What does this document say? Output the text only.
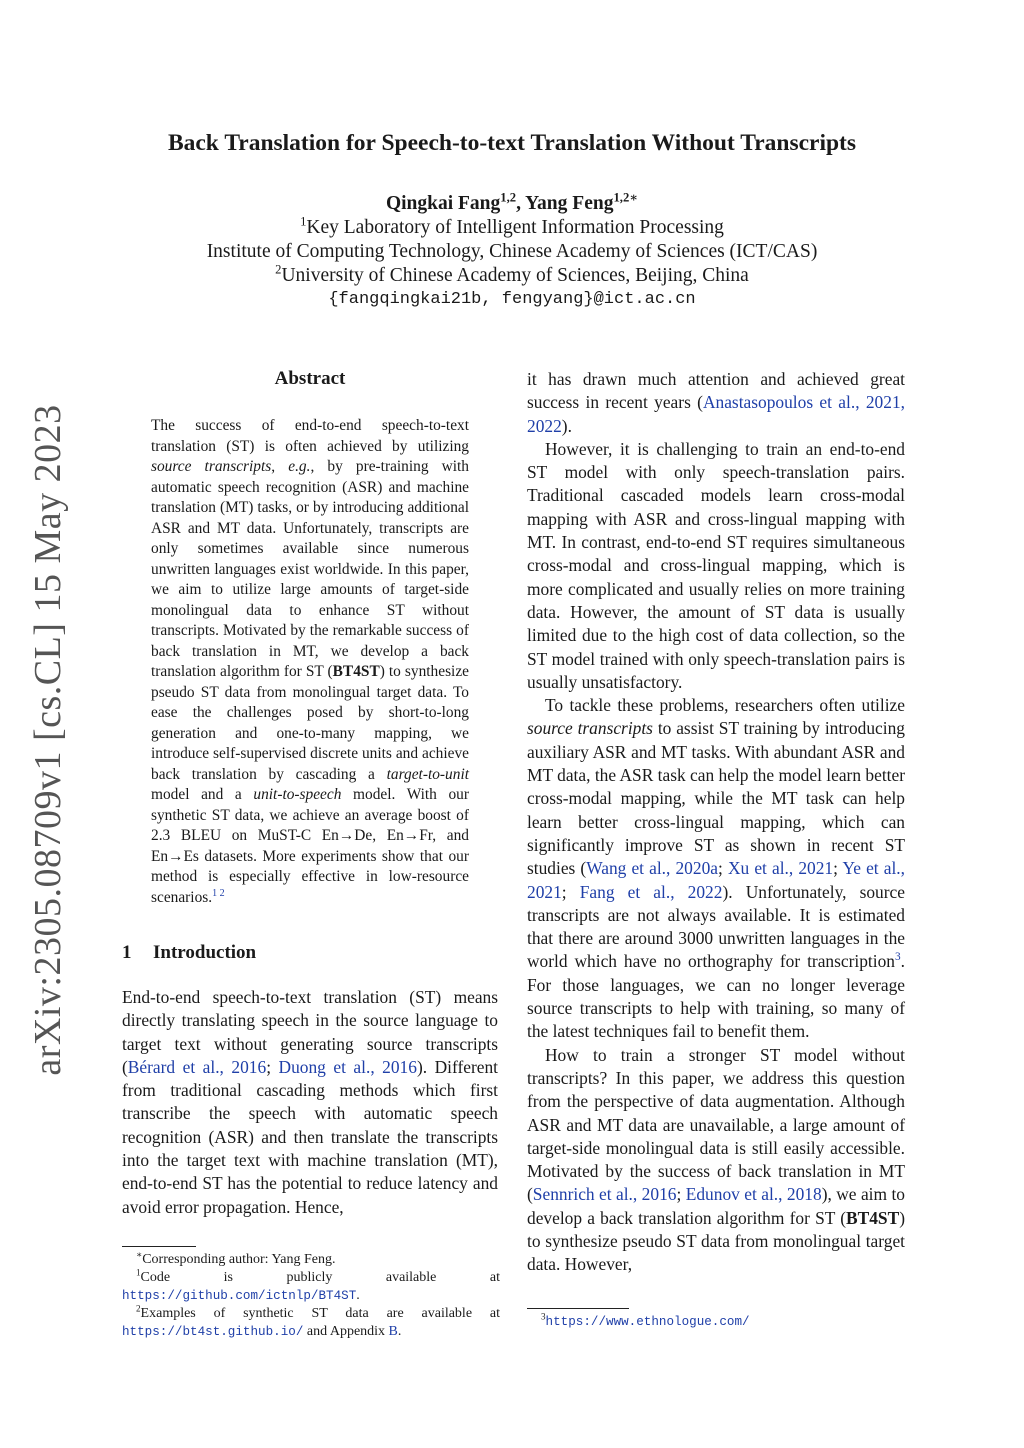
arXiv:2305.08709v1 [cs.CL] 15 May 2023
Back Translation for Speech-to-text Translation Without Transcripts
Qingkai Fang$^{1,2}$, Yang Feng$^{1,2∗}$
$^1$Key Laboratory of Intelligent Information Processing
Institute of Computing Technology, Chinese Academy of Sciences (ICT/CAS)
$^2$University of Chinese Academy of Sciences, Beijing, China
{fangqingkai21b, fengyang}@ict.ac.cn
Abstract

The success of end-to-end speech-to-text translation (ST) is often achieved by utilizing source transcripts, e.g., by pre-training with automatic speech recognition (ASR) and machine translation (MT) tasks, or by introducing additional ASR and MT data. Unfortunately, transcripts are only sometimes available since numerous unwritten languages exist worldwide. In this paper, we aim to utilize large amounts of target-side monolingual data to enhance ST without transcripts. Motivated by the remarkable success of back translation in MT, we develop a back translation algorithm for ST (BT4ST) to synthesize pseudo ST data from monolingual target data. To ease the challenges posed by short-to-long generation and one-to-many mapping, we introduce self-supervised discrete units and achieve back translation by cascading a target-to-unit model and a unit-to-speech model. With our synthetic ST data, we achieve an average boost of 2.3 BLEU on MuST-C En→De, En→Fr, and En→Es datasets. More experiments show that our method is especially effective in low-resource scenarios.$^{1 2}$

1 Introduction

End-to-end speech-to-text translation (ST) means directly translating speech in the source language to target text without generating source transcripts (Bérard et al., 2016; Duong et al., 2016). Different from traditional cascading methods which first transcribe the speech with automatic speech recognition (ASR) and then translate the transcripts into the target text with machine translation (MT), end-to-end ST has the potential to reduce latency and avoid error propagation. Hence,

∗Corresponding author: Yang Feng.

$^1$Code is publicly available at https://github.com/ictnlp/BT4ST.

$^2$Examples of synthetic ST data are available at https://bt4st.github.io/ and Appendix B.

it has drawn much attention and achieved great success in recent years (Anastasopoulos et al., 2021, 2022).

However, it is challenging to train an end-to-end ST model with only speech-translation pairs. Traditional cascaded models learn cross-modal mapping with ASR and cross-lingual mapping with MT. In contrast, end-to-end ST requires simultaneous cross-modal and cross-lingual mapping, which is more complicated and usually relies on more training data. However, the amount of ST data is usually limited due to the high cost of data collection, so the ST model trained with only speech-translation pairs is usually unsatisfactory.

To tackle these problems, researchers often utilize source transcripts to assist ST training by introducing auxiliary ASR and MT tasks. With abundant ASR and MT data, the ASR task can help the model learn better cross-modal mapping, while the MT task can help learn better cross-lingual mapping, which can significantly improve ST as shown in recent ST studies (Wang et al., 2020a; Xu et al., 2021; Ye et al., 2021; Fang et al., 2022). Unfortunately, source transcripts are not always available. It is estimated that there are around 3000 unwritten languages in the world which have no orthography for transcription$^3$. For those languages, we can no longer leverage source transcripts to help with training, so many of the latest techniques fail to benefit them.

How to train a stronger ST model without transcripts? In this paper, we address this question from the perspective of data augmentation. Although ASR and MT data are unavailable, a large amount of target-side monolingual data is still easily accessible. Motivated by the success of back translation in MT (Sennrich et al., 2016; Edunov et al., 2018), we aim to develop a back translation algorithm for ST (BT4ST) to synthesize pseudo ST data from monolingual target data. However,

$^3$https://www.ethnologue.com/
